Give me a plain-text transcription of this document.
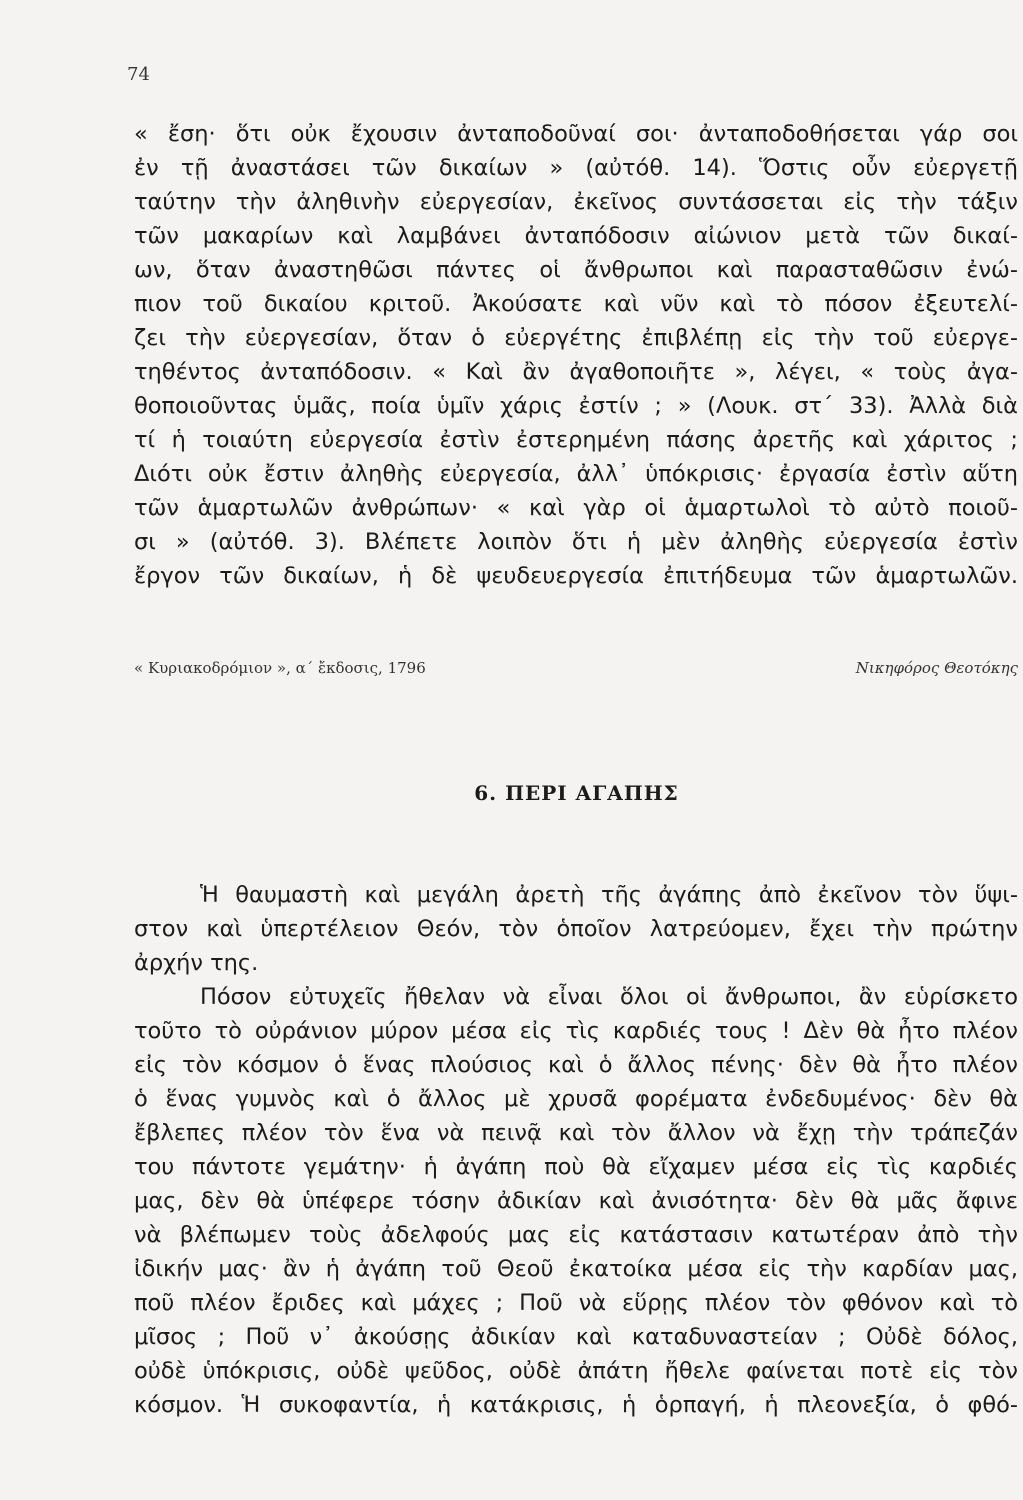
74
« ἔση· ὅτι οὐκ ἔχουσιν ἀνταποδοῦναί σοι· ἀνταποδοθήσεται γάρ σοι
ἐν τῇ ἀναστάσει τῶν δικαίων » (αὐτόθ. 14). Ὅστις οὖν εὐεργετῇ
ταύτην τὴν ἀληθινὴν εὐεργεσίαν, ἐκεῖνος συντάσσεται εἰς τὴν τάξιν
τῶν μακαρίων καὶ λαμβάνει ἀνταπόδοσιν αἰώνιον μετὰ τῶν δικαί-
ων, ὅταν ἀναστηθῶσι πάντες οἱ ἄνθρωποι καὶ παρασταθῶσιν ἐνώ-
πιον τοῦ δικαίου κριτοῦ. Ἀκούσατε καὶ νῦν καὶ τὸ πόσον ἐξευτελί-
ζει τὴν εὐεργεσίαν, ὅταν ὁ εὐεργέτης ἐπιβλέπῃ εἰς τὴν τοῦ εὐεργε-
τηθέντος ἀνταπόδοσιν. « Καὶ ἂν ἀγαθοποιῆτε », λέγει, « τοὺς ἀγα-
θοποιοῦντας ὑμᾶς, ποία ὑμῖν χάρις ἐστίν ; » (Λουκ. στ΄ 33). Ἀλλὰ διὰ
τί ἡ τοιαύτη εὐεργεσία ἐστὶν ἐστερημένη πάσης ἀρετῆς καὶ χάριτος ;
Διότι οὐκ ἔστιν ἀληθὴς εὐεργεσία, ἀλλ᾽ ὑπόκρισις· ἐργασία ἐστὶν αὕτη
τῶν ἁμαρτωλῶν ἀνθρώπων· « καὶ γὰρ οἱ ἁμαρτωλοὶ τὸ αὐτὸ ποιοῦ-
σι » (αὐτόθ. 3). Βλέπετε λοιπὸν ὅτι ἡ μὲν ἀληθὴς εὐεργεσία ἐστὶν
ἔργον τῶν δικαίων, ἡ δὲ ψευδευεργεσία ἐπιτήδευμα τῶν ἁμαρτωλῶν.
« Κυριακοδρόμιον », α΄ ἔκδοσις, 1796	Νικηφόρος Θεοτόκης
6. ΠΕΡΙ ΑΓΑΠΗΣ
Ἡ θαυμαστὴ καὶ μεγάλη ἀρετὴ τῆς ἀγάπης ἀπὸ ἐκεῖνον τὸν ὕψι-
στον καὶ ὑπερτέλειον Θεόν, τὸν ὁποῖον λατρεύομεν, ἔχει τὴν πρώτην
ἀρχήν της.
Πόσον εὐτυχεῖς ἤθελαν νὰ εἶναι ὅλοι οἱ ἄνθρωποι, ἂν εὑρίσκετο
τοῦτο τὸ οὐράνιον μύρον μέσα εἰς τὶς καρδιές τους ! Δὲν θὰ ἦτο πλέον
εἰς τὸν κόσμον ὁ ἕνας πλούσιος καὶ ὁ ἄλλος πένης· δὲν θὰ ἦτο πλέον
ὁ ἕνας γυμνὸς καὶ ὁ ἄλλος μὲ χρυσᾶ φορέματα ἐνδεδυμένος· δὲν θὰ
ἔβλεπες πλέον τὸν ἕνα νὰ πεινᾷ καὶ τὸν ἄλλον νὰ ἔχῃ τὴν τράπεζάν
του πάντοτε γεμάτην· ἡ ἀγάπη ποὺ θὰ εἴχαμεν μέσα εἰς τὶς καρδιές
μας, δὲν θὰ ὑπέφερε τόσην ἀδικίαν καὶ ἀνισότητα· δὲν θὰ μᾶς ἄφινε
νὰ βλέπωμεν τοὺς ἀδελφούς μας εἰς κατάστασιν κατωτέραν ἀπὸ τὴν
ἰδικήν μας· ἂν ἡ ἀγάπη τοῦ Θεοῦ ἐκατοίκα μέσα εἰς τὴν καρδίαν μας,
ποῦ πλέον ἔριδες καὶ μάχες ; Ποῦ νὰ εὕρῃς πλέον τὸν φθόνον καὶ τὸ
μῖσος ; Ποῦ ν᾽ ἀκούσῃς ἀδικίαν καὶ καταδυναστείαν ; Οὐδὲ δόλος,
οὐδὲ ὑπόκρισις, οὐδὲ ψεῦδος, οὐδὲ ἀπάτη ἤθελε φαίνεται ποτὲ εἰς τὸν
κόσμον. Ἡ συκοφαντία, ἡ κατάκρισις, ἡ ὁρπαγή, ἡ πλεονεξία, ὁ φθό-
